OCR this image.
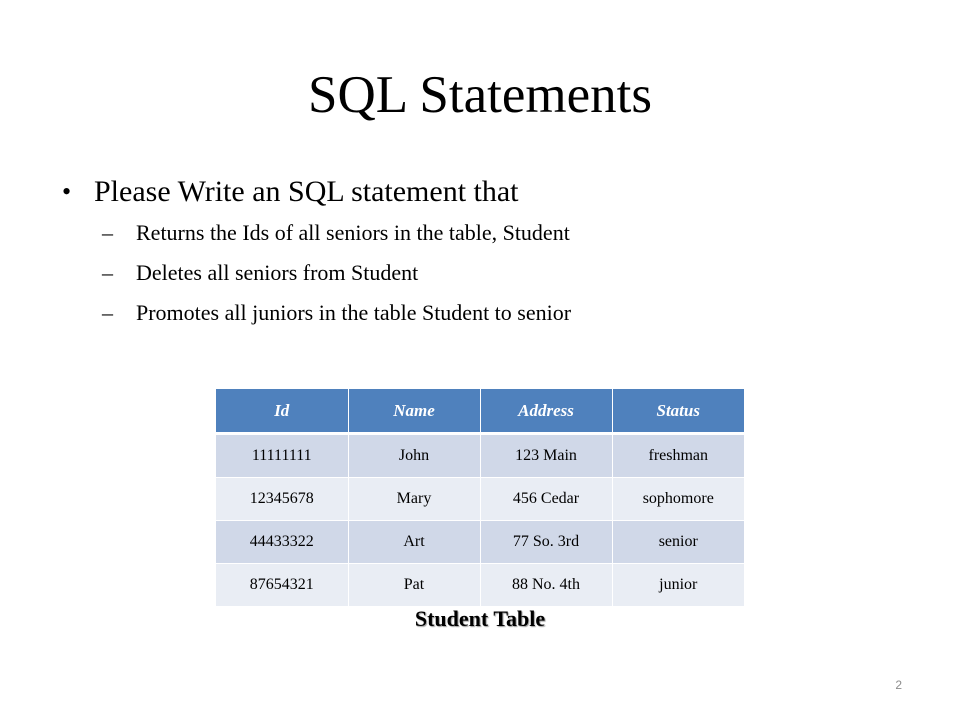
SQL Statements

• Please Write an SQL statement that

– Returns the Ids of all seniors in the table, Student
– Deletes all seniors from Student
– Promotes all juniors in the table Student to senior
Id	Name	Address	Status
11111111	John	123 Main	freshman
12345678	Mary	456 Cedar	sophomore
44433322	Art	77 So. 3rd	senior
87654321	Pat	88 No. 4th	junior
Student Table
2
